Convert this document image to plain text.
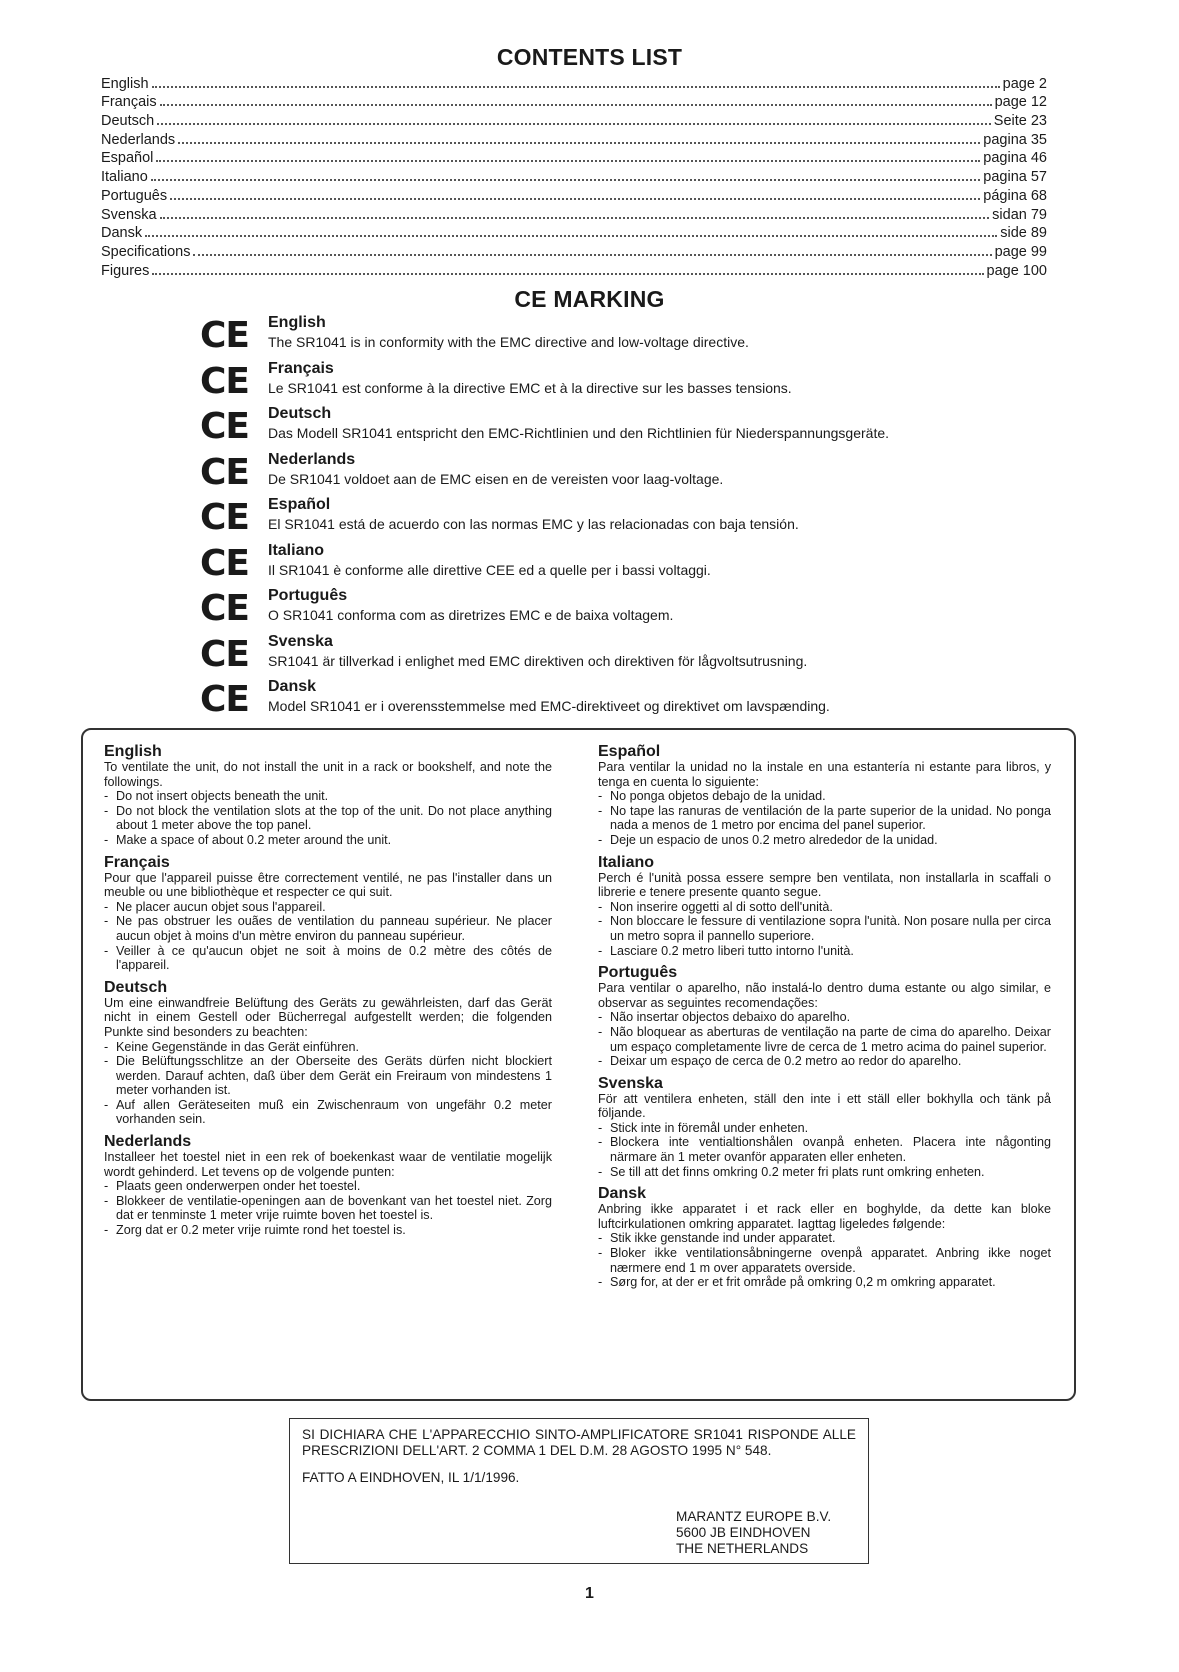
CONTENTS LIST
English	page 2
Français	page 12
Deutsch	Seite 23
Nederlands	pagina 35
Español	pagina 46
Italiano	pagina 57
Português	página 68
Svenska	sidan 79
Dansk	side 89
Specifications	page 99
Figures	page 100
CE MARKING
CE English
The SR1041 is in conformity with the EMC directive and low-voltage directive.
CE Français
Le SR1041 est conforme à la directive EMC et à la directive sur les basses tensions.
CE Deutsch
Das Modell SR1041 entspricht den EMC-Richtlinien und den Richtlinien für Niederspannungsgeräte.
CE Nederlands
De SR1041 voldoet aan de EMC eisen en de vereisten voor laag-voltage.
CE Español
El SR1041 está de acuerdo con las normas EMC y las relacionadas con baja tensión.
CE Italiano
Il SR1041 è conforme alle direttive CEE ed a quelle per i bassi voltaggi.
CE Português
O SR1041 conforma com as diretrizes EMC e de baixa voltagem.
CE Svenska
SR1041 är tillverkad i enlighet med EMC direktiven och direktiven för lågvoltsutrusning.
CE Dansk
Model SR1041 er i overensstemmelse med EMC-direktiveet og direktivet om lavspænding.
English
To ventilate the unit, do not install the unit in a rack or bookshelf, and note the followings.
- Do not insert objects beneath the unit.
- Do not block the ventilation slots at the top of the unit. Do not place anything about 1 meter above the top panel.
- Make a space of about 0.2 meter around the unit.
Français
Pour que l'appareil puisse être correctement ventilé, ne pas l'installer dans un meuble ou une bibliothèque et respecter ce qui suit.
- Ne placer aucun objet sous l'appareil.
- Ne pas obstruer les ouães de ventilation du panneau supérieur. Ne placer aucun objet à moins d'un mètre environ du panneau supérieur.
- Veiller à ce qu'aucun objet ne soit à moins de 0.2 mètre des côtés de l'appareil.
Deutsch
Um eine einwandfreie Belüftung des Geräts zu gewährleisten, darf das Gerät nicht in einem Gestell oder Bücherregal aufgestellt werden; die folgenden Punkte sind besonders zu beachten:
- Keine Gegenstände in das Gerät einführen.
- Die Belüftungsschlitze an der Oberseite des Geräts dürfen nicht blockiert werden. Darauf achten, daß über dem Gerät ein Freiraum von mindestens 1 meter vorhanden ist.
- Auf allen Geräteseiten muß ein Zwischenraum von ungefähr 0.2 meter vorhanden sein.
Nederlands
Installeer het toestel niet in een rek of boekenkast waar de ventilatie mogelijk wordt gehinderd. Let tevens op de volgende punten:
- Plaats geen onderwerpen onder het toestel.
- Blokkeer de ventilatie-openingen aan de bovenkant van het toestel niet. Zorg dat er tenminste 1 meter vrije ruimte boven het toestel is.
- Zorg dat er 0.2 meter vrije ruimte rond het toestel is.
Español
Para ventilar la unidad no la instale en una estantería ni estante para libros, y tenga en cuenta lo siguiente:
- No ponga objetos debajo de la unidad.
- No tape las ranuras de ventilación de la parte superior de la unidad. No ponga nada a menos de 1 metro por encima del panel superior.
- Deje un espacio de unos 0.2 metro alrededor de la unidad.
Italiano
Perch é l'unità possa essere sempre ben ventilata, non installarla in scaffali o librerie e tenere presente quanto segue.
- Non inserire oggetti al di sotto dell'unità.
- Non bloccare le fessure di ventilazione sopra l'unità. Non posare nulla per circa un metro sopra il pannello superiore.
- Lasciare 0.2 metro liberi tutto intorno l'unità.
Português
Para ventilar o aparelho, não instalá-lo dentro duma estante ou algo similar, e observar as seguintes recomendações:
- Não insertar objectos debaixo do aparelho.
- Não bloquear as aberturas de ventilação na parte de cima do aparelho. Deixar um espaço completamente livre de cerca de 1 metro acima do painel superior.
- Deixar um espaço de cerca de 0.2 metro ao redor do aparelho.
Svenska
För att ventilera enheten, ställ den inte i ett ställ eller bokhylla och tänk på följande.
- Stick inte in föremål under enheten.
- Blockera inte ventialtionshålen ovanpå enheten. Placera inte någonting närmare än 1 meter ovanför apparaten eller enheten.
- Se till att det finns omkring 0.2 meter fri plats runt omkring enheten.
Dansk
Anbring ikke apparatet i et rack eller en boghylde, da dette kan bloke luftcirkulationen omkring apparatet. Iagttag ligeledes følgende:
- Stik ikke genstande ind under apparatet.
- Bloker ikke ventilationsåbningerne ovenpå apparatet. Anbring ikke noget nærmere end 1 m over apparatets overside.
- Sørg for, at der er et frit område på omkring 0,2 m omkring apparatet.
SI DICHIARA CHE L'APPARECCHIO SINTO-AMPLIFICATORE SR1041 RISPONDE ALLE PRESCRIZIONI DELL'ART. 2 COMMA 1 DEL D.M. 28 AGOSTO 1995 N° 548.
FATTO A EINDHOVEN, IL 1/1/1996.
MARANTZ EUROPE B.V.
5600 JB EINDHOVEN
THE NETHERLANDS
1
